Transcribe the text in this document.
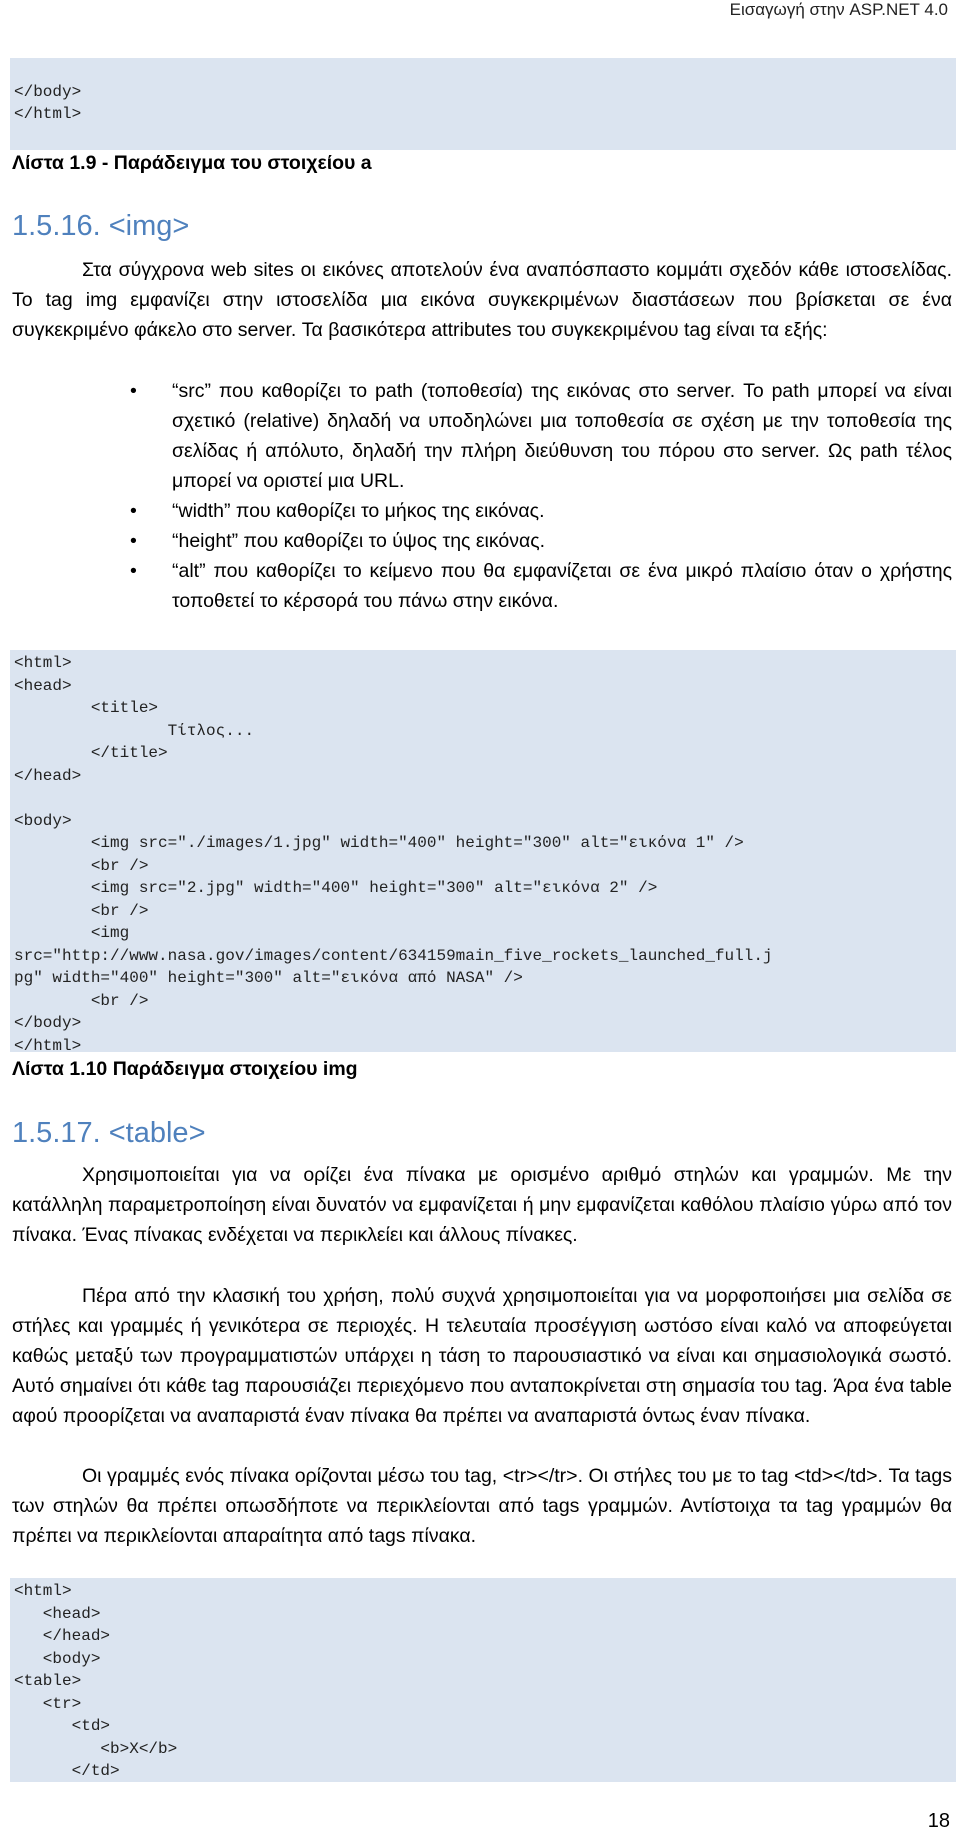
Εισαγωγή στην ASP.NET 4.0

</body>
</html>
Λίστα 1.9 - Παράδειγμα του στοιχείου a
1.5.16. <img>

Στα σύγχρονα web sites οι εικόνες αποτελούν ένα αναπόσπαστο κομμάτι σχεδόν κάθε ιστοσελίδας. Το tag img εμφανίζει στην ιστοσελίδα μια εικόνα συγκεκριμένων διαστάσεων που βρίσκεται σε ένα συγκεκριμένο φάκελο στο server. Τα βασικότερα attributes του συγκεκριμένου tag είναι τα εξής:

• “src” που καθορίζει το path (τοποθεσία) της εικόνας στο server. Το path μπορεί να είναι σχετικό (relative) δηλαδή να υποδηλώνει μια τοποθεσία σε σχέση με την τοποθεσία της σελίδας ή απόλυτο, δηλαδή την πλήρη διεύθυνση του πόρου στο server. Ως path τέλος μπορεί να οριστεί μια URL.
• “width” που καθορίζει το μήκος της εικόνας.
• “height” που καθορίζει το ύψος της εικόνας.
• “alt” που καθορίζει το κείμενο που θα εμφανίζεται σε ένα μικρό πλαίσιο όταν ο χρήστης τοποθετεί το κέρσορά του πάνω στην εικόνα.
<html>
<head>
<title>
Τίτλος...
</title>
</head>

<body>
<img src="./images/1.jpg" width="400" height="300" alt="εικόνα 1" />
<br />
<img src="2.jpg" width="400" height="300" alt="εικόνα 2" />
<br />
<img
src="http://www.nasa.gov/images/content/634159main_five_rockets_launched_full.j
pg" width="400" height="300" alt="εικόνα από NASA" />
<br />
</body>
</html>
Λίστα 1.10 Παράδειγμα στοιχείου img
1.5.17. <table>

Χρησιμοποιείται για να ορίζει ένα πίνακα με ορισμένο αριθμό στηλών και γραμμών. Με την κατάλληλη παραμετροποίηση είναι δυνατόν να εμφανίζεται ή μην εμφανίζεται καθόλου πλαίσιο γύρω από τον πίνακα. Ένας πίνακας ενδέχεται να περικλείει και άλλους πίνακες.

Πέρα από την κλασική του χρήση, πολύ συχνά χρησιμοποιείται για να μορφοποιήσει μια σελίδα σε στήλες και γραμμές ή γενικότερα σε περιοχές. Η τελευταία προσέγγιση ωστόσο είναι καλό να αποφεύγεται καθώς μεταξύ των προγραμματιστών υπάρχει η τάση το παρουσιαστικό να είναι και σημασιολογικά σωστό. Αυτό σημαίνει ότι κάθε tag παρουσιάζει περιεχόμενο που ανταποκρίνεται στη σημασία του tag. Άρα ένα table αφού προορίζεται να αναπαριστά έναν πίνακα θα πρέπει να αναπαριστά όντως έναν πίνακα.

Οι γραμμές ενός πίνακα ορίζονται μέσω του tag, <tr></tr>. Οι στήλες του με το tag <td></td>. Τα tags των στηλών θα πρέπει οπωσδήποτε να περικλείονται από tags γραμμών. Αντίστοιχα τα tag γραμμών θα πρέπει να περικλείονται απαραίτητα από tags πίνακα.

<html>
<head>
</head>
<body>
<table>
<tr>
<td>
<b>X</b>
</td>
18
